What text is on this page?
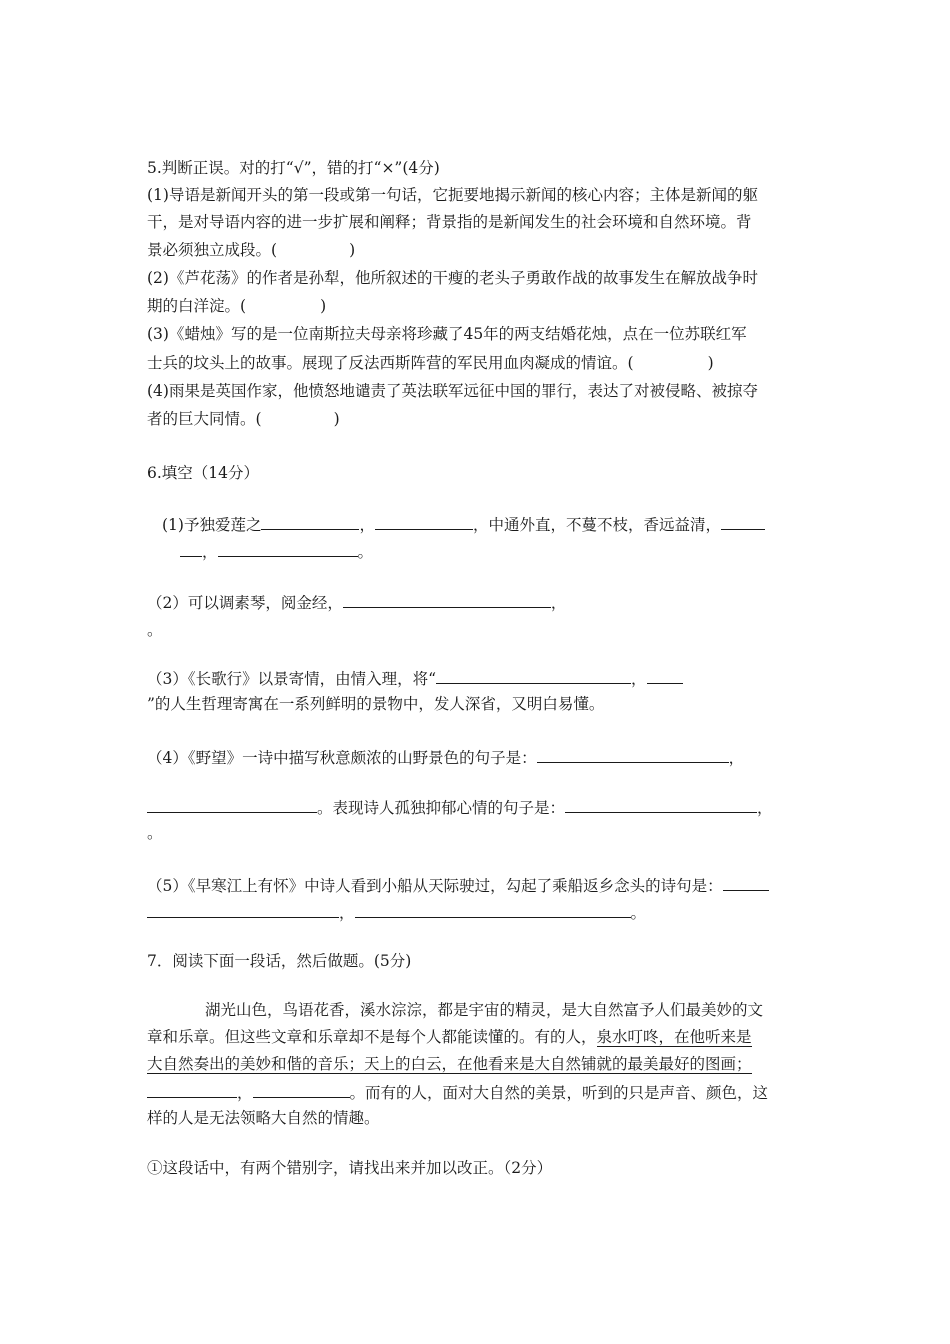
5.判断正误。对的打“√”，错的打“×”(4分)
(1)导语是新闻开头的第一段或第一句话，它扼要地揭示新闻的核心内容；主体是新闻的躯
干，是对导语内容的进一步扩展和阐释；背景指的是新闻发生的社会环境和自然环境。背
景必须独立成段。(	)
(2)《芦花荡》的作者是孙犁，他所叙述的干瘦的老头子勇敢作战的故事发生在解放战争时
期的白洋淀。(	)
(3)《蜡烛》写的是一位南斯拉夫母亲将珍藏了45年的两支结婚花烛，点在一位苏联红军
士兵的坟头上的故事。展现了反法西斯阵营的军民用血肉凝成的情谊。(	)
(4)雨果是英国作家，他愤怒地谴责了英法联军远征中国的罪行，表达了对被侵略、被掠夺
者的巨大同情。(	)
6.填空（14分）
(1)予独爱莲之	，	，中通外直，不蔓不枝，香远益清，
，	。
（2）可以调素琴，阅金经，	，
。
（3）《长歌行》以景寄情，由情入理，将“	，
”的人生哲理寄寓在一系列鲜明的景物中，发人深省，又明白易懂。
（4）《野望》一诗中描写秋意颇浓的山野景色的句子是：	，
。表现诗人孤独抑郁心情的句子是：	，
。
（5）《早寒江上有怀》中诗人看到小船从天际驶过，勾起了乘船返乡念头的诗句是：
，	。
7．阅读下面一段话，然后做题。(5分)
湖光山色，鸟语花香，溪水淙淙，都是宇宙的精灵，是大自然富予人们最美妙的文
章和乐章。但这些文章和乐章却不是每个人都能读懂的。有的人，泉水叮咚，在他听来是
大自然奏出的美妙和偕的音乐；天上的白云，在他看来是大自然铺就的最美最好的图画；
，	。而有的人，面对大自然的美景，听到的只是声音、颜色，这
样的人是无法领略大自然的情趣。
①这段话中，有两个错别字，请找出来并加以改正。（2分）
